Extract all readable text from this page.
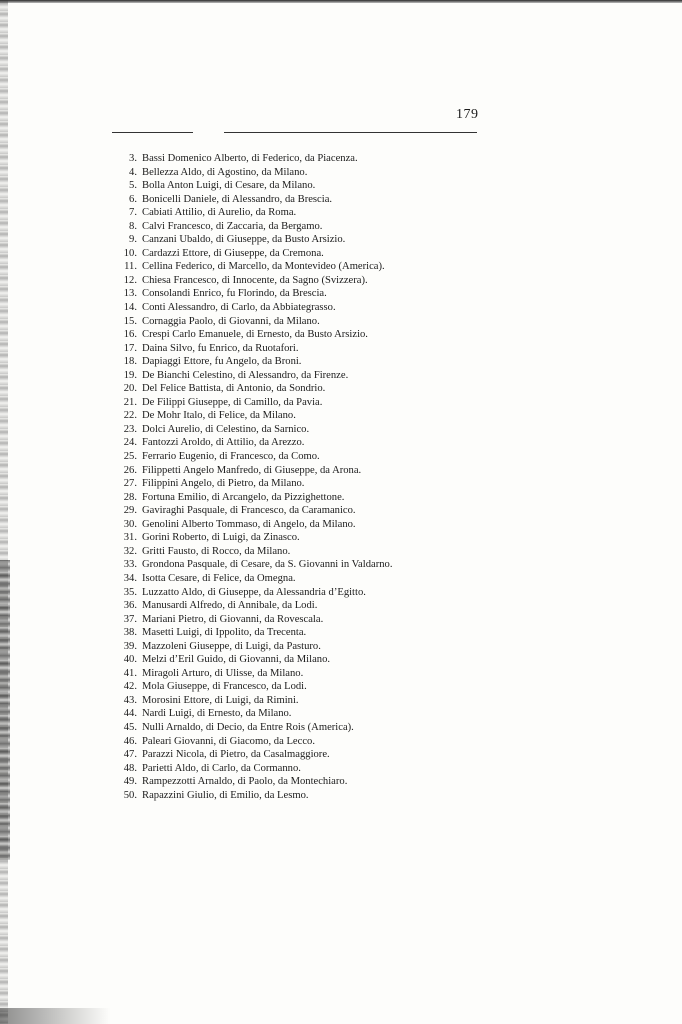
179
3. Bassi Domenico Alberto, di Federico, da Piacenza.
4. Bellezza Aldo, di Agostino, da Milano.
5. Bolla Anton Luigi, di Cesare, da Milano.
6. Bonicelli Daniele, di Alessandro, da Brescia.
7. Cabiati Attilio, di Aurelio, da Roma.
8. Calvi Francesco, di Zaccaria, da Bergamo.
9. Canzani Ubaldo, di Giuseppe, da Busto Arsizio.
10. Cardazzi Ettore, di Giuseppe, da Cremona.
11. Cellina Federico, di Marcello, da Montevideo (America).
12. Chiesa Francesco, di Innocente, da Sagno (Svizzera).
13. Consolandi Enrico, fu Florindo, da Brescia.
14. Conti Alessandro, di Carlo, da Abbiategrasso.
15. Cornaggia Paolo, di Giovanni, da Milano.
16. Crespi Carlo Emanuele, di Ernesto, da Busto Arsizio.
17. Daina Silvo, fu Enrico, da Ruotafori.
18. Dapiaggi Ettore, fu Angelo, da Broni.
19. De Bianchi Celestino, di Alessandro, da Firenze.
20. Del Felice Battista, di Antonio, da Sondrio.
21. De Filippi Giuseppe, di Camillo, da Pavia.
22. De Mohr Italo, di Felice, da Milano.
23. Dolci Aurelio, di Celestino, da Sarnico.
24. Fantozzi Aroldo, di Attilio, da Arezzo.
25. Ferrario Eugenio, di Francesco, da Como.
26. Filippetti Angelo Manfredo, di Giuseppe, da Arona.
27. Filippini Angelo, di Pietro, da Milano.
28. Fortuna Emilio, di Arcangelo, da Pizzighettone.
29. Gaviraghi Pasquale, di Francesco, da Caramanico.
30. Genolini Alberto Tommaso, di Angelo, da Milano.
31. Gorini Roberto, di Luigi, da Zinasco.
32. Gritti Fausto, di Rocco, da Milano.
33. Grondona Pasquale, di Cesare, da S. Giovanni in Valdarno.
34. Isotta Cesare, di Felice, da Omegna.
35. Luzzatto Aldo, di Giuseppe, da Alessandria d’Egitto.
36. Manusardi Alfredo, di Annibale, da Lodi.
37. Mariani Pietro, di Giovanni, da Rovescala.
38. Masetti Luigi, di Ippolito, da Trecenta.
39. Mazzoleni Giuseppe, di Luigi, da Pasturo.
40. Melzi d’Eril Guido, di Giovanni, da Milano.
41. Miragoli Arturo, di Ulisse, da Milano.
42. Mola Giuseppe, di Francesco, da Lodi.
43. Morosini Ettore, di Luigi, da Rimini.
44. Nardi Luigi, di Ernesto, da Milano.
45. Nulli Arnaldo, di Decio, da Entre Rois (America).
46. Paleari Giovanni, di Giacomo, da Lecco.
47. Parazzi Nicola, di Pietro, da Casalmaggiore.
48. Parietti Aldo, di Carlo, da Cormanno.
49. Rampezzotti Arnaldo, di Paolo, da Montechiaro.
50. Rapazzini Giulio, di Emilio, da Lesmo.
